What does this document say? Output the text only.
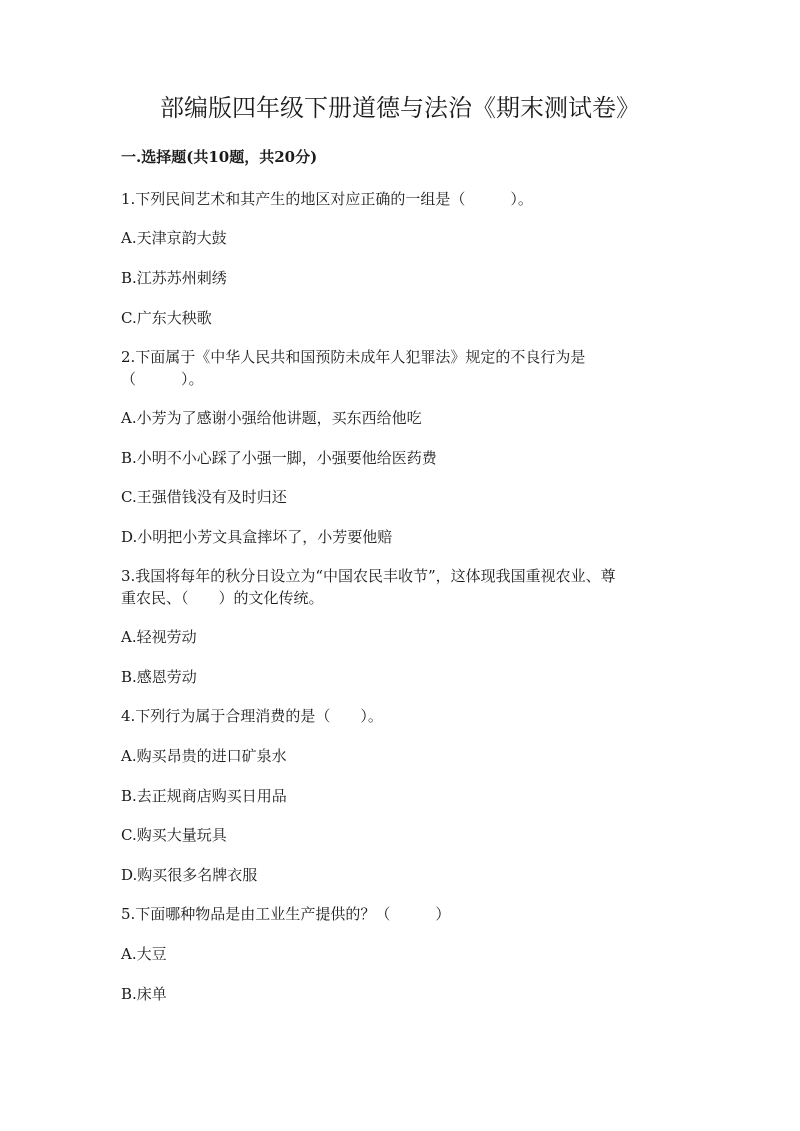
部编版四年级下册道德与法治《期末测试卷》
一.选择题(共10题，共20分)

1.下列民间艺术和其产生的地区对应正确的一组是（　　　）。

A.天津京韵大鼓

B.江苏苏州刺绣

C.广东大秧歌

2.下面属于《中华人民共和国预防未成年人犯罪法》规定的不良行为是

（　　　）。

A.小芳为了感谢小强给他讲题，买东西给他吃

B.小明不小心踩了小强一脚，小强要他给医药费

C.王强借钱没有及时归还

D.小明把小芳文具盒摔坏了，小芳要他赔

3.我国将每年的秋分日设立为“中国农民丰收节”，这体现我国重视农业、尊

重农民、（　　）的文化传统。

A.轻视劳动

B.感恩劳动

4.下列行为属于合理消费的是（　　）。

A.购买昂贵的进口矿泉水

B.去正规商店购买日用品

C.购买大量玩具

D.购买很多名牌衣服

5.下面哪种物品是由工业生产提供的？（　　　）

A.大豆

B.床单
